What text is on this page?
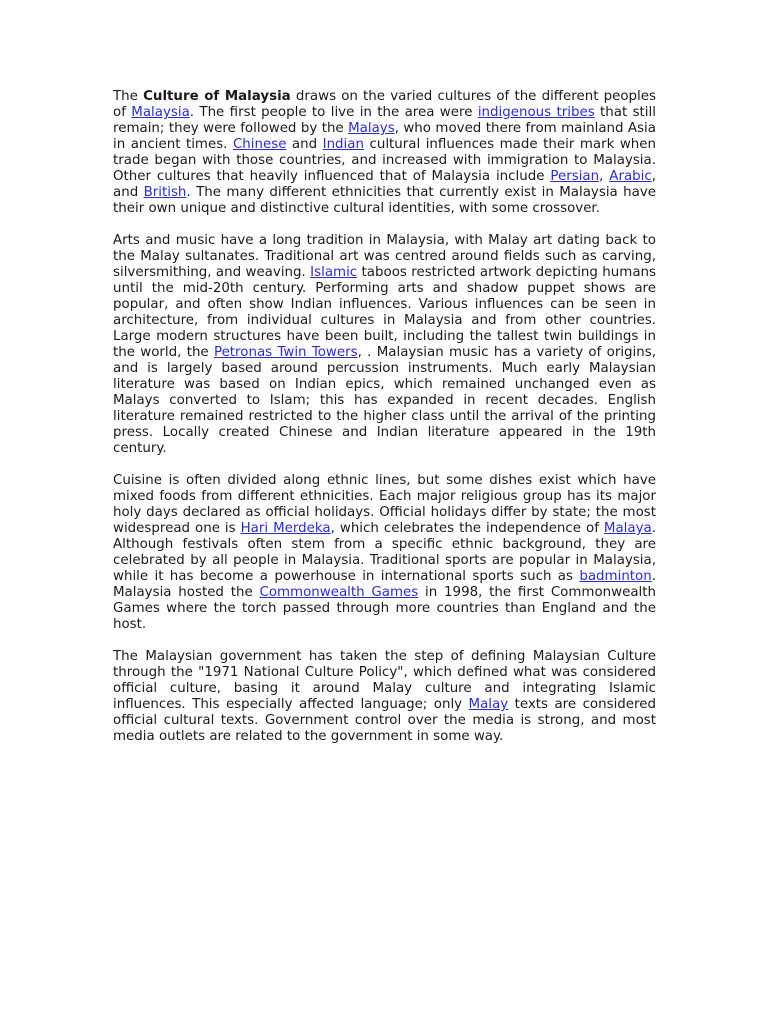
The Culture of Malaysia draws on the varied cultures of the different peoples of Malaysia. The first people to live in the area were indigenous tribes that still remain; they were followed by the Malays, who moved there from mainland Asia in ancient times. Chinese and Indian cultural influences made their mark when trade began with those countries, and increased with immigration to Malaysia. Other cultures that heavily influenced that of Malaysia include Persian, Arabic, and British. The many different ethnicities that currently exist in Malaysia have their own unique and distinctive cultural identities, with some crossover.

Arts and music have a long tradition in Malaysia, with Malay art dating back to the Malay sultanates. Traditional art was centred around fields such as carving, silversmithing, and weaving. Islamic taboos restricted artwork depicting humans until the mid-20th century. Performing arts and shadow puppet shows are popular, and often show Indian influences. Various influences can be seen in architecture, from individual cultures in Malaysia and from other countries. Large modern structures have been built, including the tallest twin buildings in the world, the Petronas Twin Towers, . Malaysian music has a variety of origins, and is largely based around percussion instruments. Much early Malaysian literature was based on Indian epics, which remained unchanged even as Malays converted to Islam; this has expanded in recent decades. English literature remained restricted to the higher class until the arrival of the printing press. Locally created Chinese and Indian literature appeared in the 19th century.

Cuisine is often divided along ethnic lines, but some dishes exist which have mixed foods from different ethnicities. Each major religious group has its major holy days declared as official holidays. Official holidays differ by state; the most widespread one is Hari Merdeka, which celebrates the independence of Malaya. Although festivals often stem from a specific ethnic background, they are celebrated by all people in Malaysia. Traditional sports are popular in Malaysia, while it has become a powerhouse in international sports such as badminton. Malaysia hosted the Commonwealth Games in 1998, the first Commonwealth Games where the torch passed through more countries than England and the host.

The Malaysian government has taken the step of defining Malaysian Culture through the "1971 National Culture Policy", which defined what was considered official culture, basing it around Malay culture and integrating Islamic influences. This especially affected language; only Malay texts are considered official cultural texts. Government control over the media is strong, and most media outlets are related to the government in some way.
